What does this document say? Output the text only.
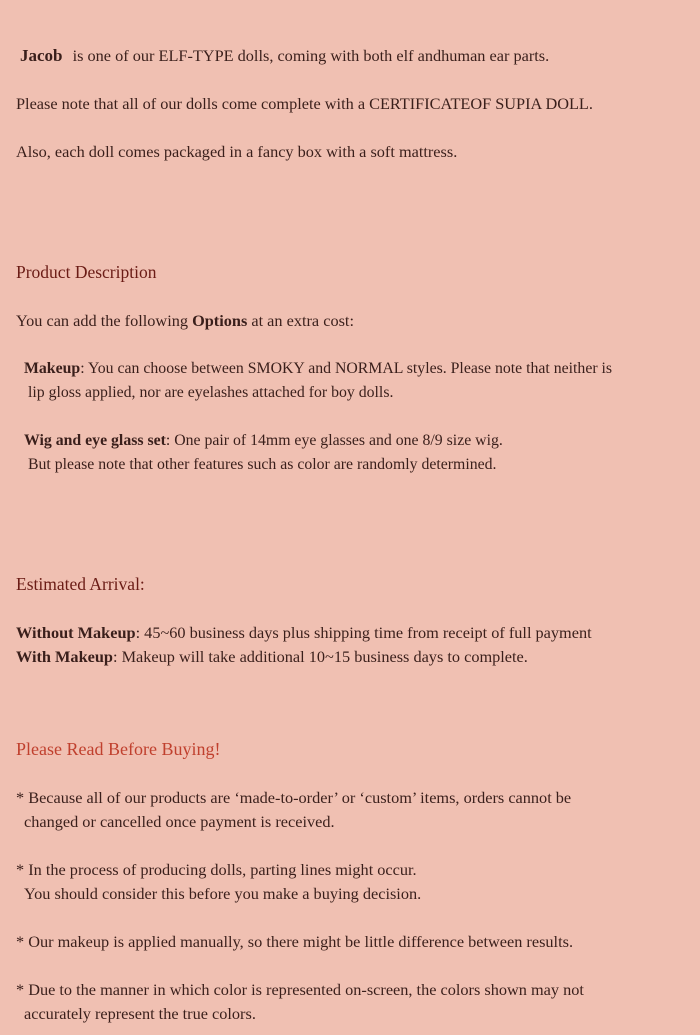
Jacob is one of our ELF-TYPE dolls, coming with both elf andhuman ear parts.
Please note that all of our dolls come complete with a CERTIFICATEOF SUPIA DOLL.
Also, each doll comes packaged in a fancy box with a soft mattress.
Product Description
You can add the following Options at an extra cost:
Makeup: You can choose between SMOKY and NORMAL styles. Please note that neither is
lip gloss applied, nor are eyelashes attached for boy dolls.
Wig and eye glass set: One pair of 14mm eye glasses and one 8/9 size wig.
But please note that other features such as color are randomly determined.
Estimated Arrival:
Without Makeup: 45~60 business days plus shipping time from receipt of full payment
With Makeup: Makeup will take additional 10~15 business days to complete.
Please Read Before Buying!
* Because all of our products are ‘made-to-order’ or ‘custom’ items, orders cannot be
changed or cancelled once payment is received.
* In the process of producing dolls, parting lines might occur.
You should consider this before you make a buying decision.
* Our makeup is applied manually, so there might be little difference between results.
* Due to the manner in which color is represented on-screen, the colors shown may not
accurately represent the true colors.
